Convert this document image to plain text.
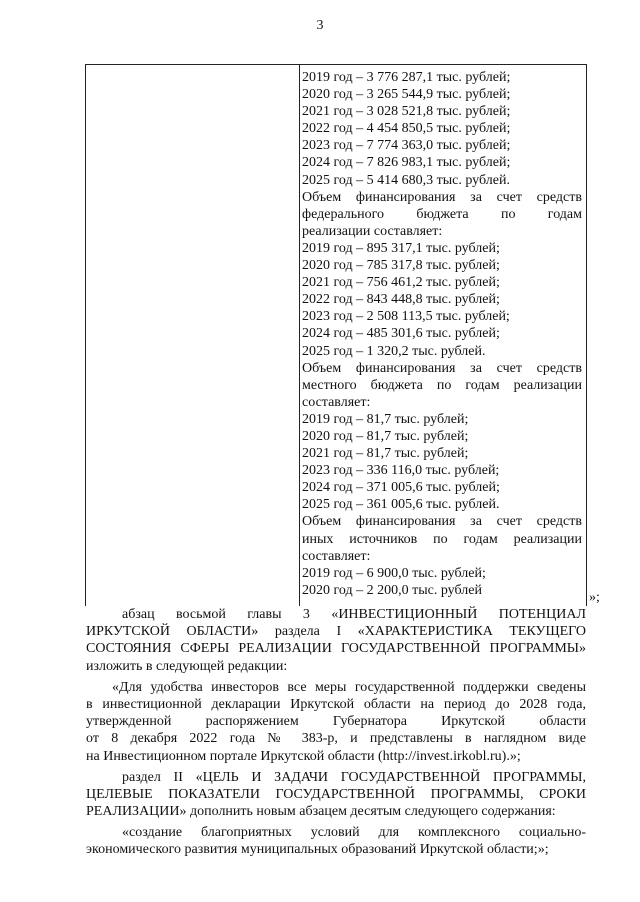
3
2019 год – 3 776 287,1 тыс. рублей;
2020 год – 3 265 544,9 тыс. рублей;
2021 год – 3 028 521,8 тыс. рублей;
2022 год – 4 454 850,5 тыс. рублей;
2023 год – 7 774 363,0 тыс. рублей;
2024 год – 7 826 983,1 тыс. рублей;
2025 год – 5 414 680,3 тыс. рублей.
Объем финансирования за счет средств
федерального бюджета по годам
реализации составляет:
2019 год – 895 317,1 тыс. рублей;
2020 год – 785 317,8 тыс. рублей;
2021 год – 756 461,2 тыс. рублей;
2022 год – 843 448,8 тыс. рублей;
2023 год – 2 508 113,5 тыс. рублей;
2024 год – 485 301,6 тыс. рублей;
2025 год – 1 320,2 тыс. рублей.
Объем финансирования за счет средств
местного бюджета по годам реализации
составляет:
2019 год – 81,7 тыс. рублей;
2020 год – 81,7 тыс. рублей;
2021 год – 81,7 тыс. рублей;
2023 год – 336 116,0 тыс. рублей;
2024 год – 371 005,6 тыс. рублей;
2025 год – 361 005,6 тыс. рублей.
Объем финансирования за счет средств
иных источников по годам реализации
составляет:
2019 год – 6 900,0 тыс. рублей;
2020 год – 2 200,0 тыс. рублей	»;
абзац восьмой главы 3 «ИНВЕСТИЦИОННЫЙ ПОТЕНЦИАЛ
ИРКУТСКОЙ ОБЛАСТИ» раздела I «ХАРАКТЕРИСТИКА ТЕКУЩЕГО
СОСТОЯНИЯ СФЕРЫ РЕАЛИЗАЦИИ ГОСУДАРСТВЕННОЙ ПРОГРАММЫ»
изложить в следующей редакции:
«Для удобства инвесторов все меры государственной поддержки сведены
в инвестиционной декларации Иркутской области на период до 2028 года,
утвержденной распоряжением Губернатора Иркутской области
от 8 декабря 2022 года № 383-р, и представлены в наглядном виде
на Инвестиционном портале Иркутской области (http://invest.irkobl.ru).»;
раздел II «ЦЕЛЬ И ЗАДАЧИ ГОСУДАРСТВЕННОЙ ПРОГРАММЫ,
ЦЕЛЕВЫЕ ПОКАЗАТЕЛИ ГОСУДАРСТВЕННОЙ ПРОГРАММЫ, СРОКИ
РЕАЛИЗАЦИИ» дополнить новым абзацем десятым следующего содержания:
«создание благоприятных условий для комплексного социально-
экономического развития муниципальных образований Иркутской области;»;
